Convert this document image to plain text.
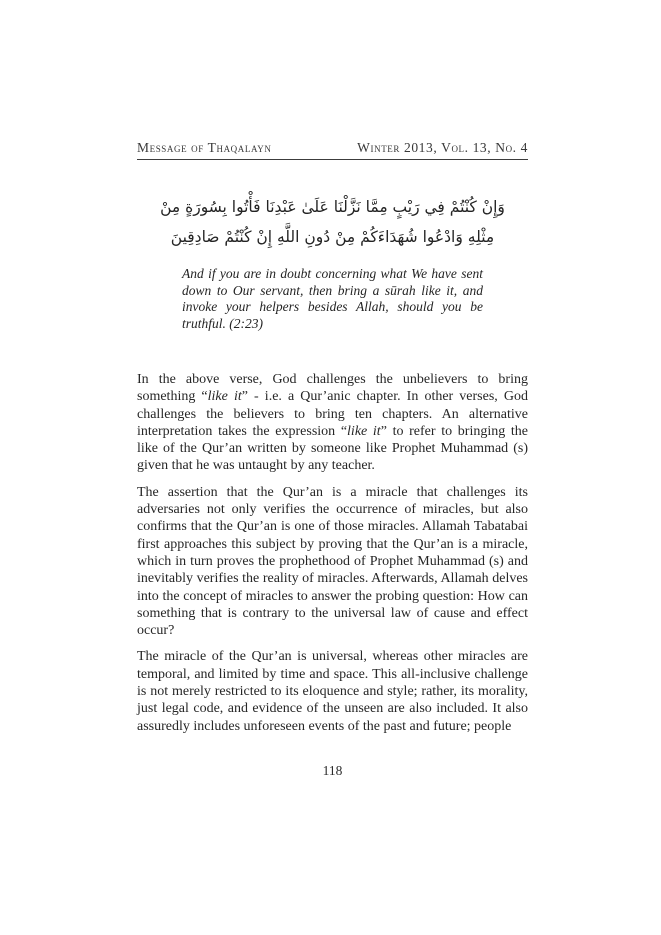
Message of Thaqalayn	Winter 2013, Vol. 13, No. 4
وَإِنْ كُنْتُمْ فِي رَيْبٍ مِمَّا نَزَّلْنَا عَلَىٰ عَبْدِنَا فَأْتُوا بِسُورَةٍ مِنْ
مِثْلِهِ وَادْعُوا شُهَدَاءَكُمْ مِنْ دُونِ اللَّهِ إِنْ كُنْتُمْ صَادِقِينَ
And if you are in doubt concerning what We have sent down to Our servant, then bring a sūrah like it, and invoke your helpers besides Allah, should you be truthful. (2:23)

In the above verse, God challenges the unbelievers to bring something “like it” - i.e. a Qur’anic chapter. In other verses, God challenges the believers to bring ten chapters. An alternative interpretation takes the expression “like it” to refer to bringing the like of the Qur’an written by someone like Prophet Muhammad (s) given that he was untaught by any teacher.

The assertion that the Qur’an is a miracle that challenges its adversaries not only verifies the occurrence of miracles, but also confirms that the Qur’an is one of those miracles. Allamah Tabatabai first approaches this subject by proving that the Qur’an is a miracle, which in turn proves the prophethood of Prophet Muhammad (s) and inevitably verifies the reality of miracles. Afterwards, Allamah delves into the concept of miracles to answer the probing question: How can something that is contrary to the universal law of cause and effect occur?

The miracle of the Qur’an is universal, whereas other miracles are temporal, and limited by time and space. This all-inclusive challenge is not merely restricted to its eloquence and style; rather, its morality, just legal code, and evidence of the unseen are also included. It also assuredly includes unforeseen events of the past and future; people

118
